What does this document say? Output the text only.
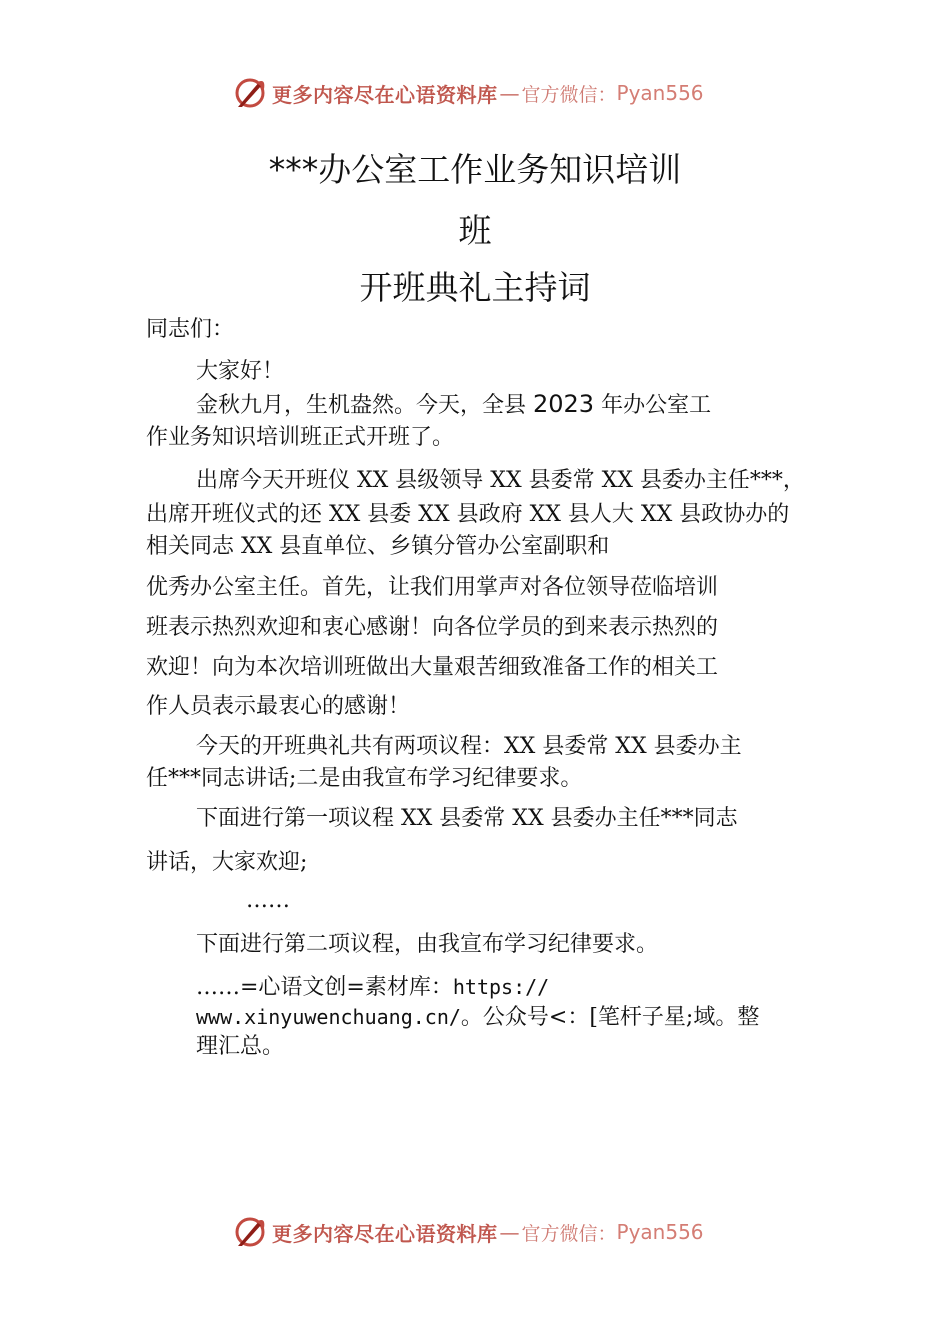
更多内容尽在心语资料库 — 官方微信： Pyan556
***办公室工作业务知识培训
班
开班典礼主持词
同志们：
大家好！
金秋九月，生机盎然。今天，全县 2023 年办公室工
作业务知识培训班正式开班了。
出席今天开班仪 XX 县级领导 XX 县委常 XX 县委办主任***，
出席开班仪式的还 XX 县委 XX 县政府 XX 县人大 XX 县政协办的
相关同志 XX 县直单位、乡镇分管办公室副职和
优秀办公室主任。首先，让我们用掌声对各位领导莅临培训
班表示热烈欢迎和衷心感谢！向各位学员的到来表示热烈的
欢迎！向为本次培训班做出大量艰苦细致准备工作的相关工
作人员表示最衷心的感谢！
今天的开班典礼共有两项议程：XX 县委常 XX 县委办主
任***同志讲话;二是由我宣布学习纪律要求。
下面进行第一项议程 XX 县委常 XX 县委办主任***同志
讲话，大家欢迎;
……
下面进行第二项议程，由我宣布学习纪律要求。
……=心语文创=素材库：https://
www.xinyuwenchuang.cn/。公众号<：[笔杆子星;域。整
理汇总。
更多内容尽在心语资料库 — 官方微信： Pyan556
